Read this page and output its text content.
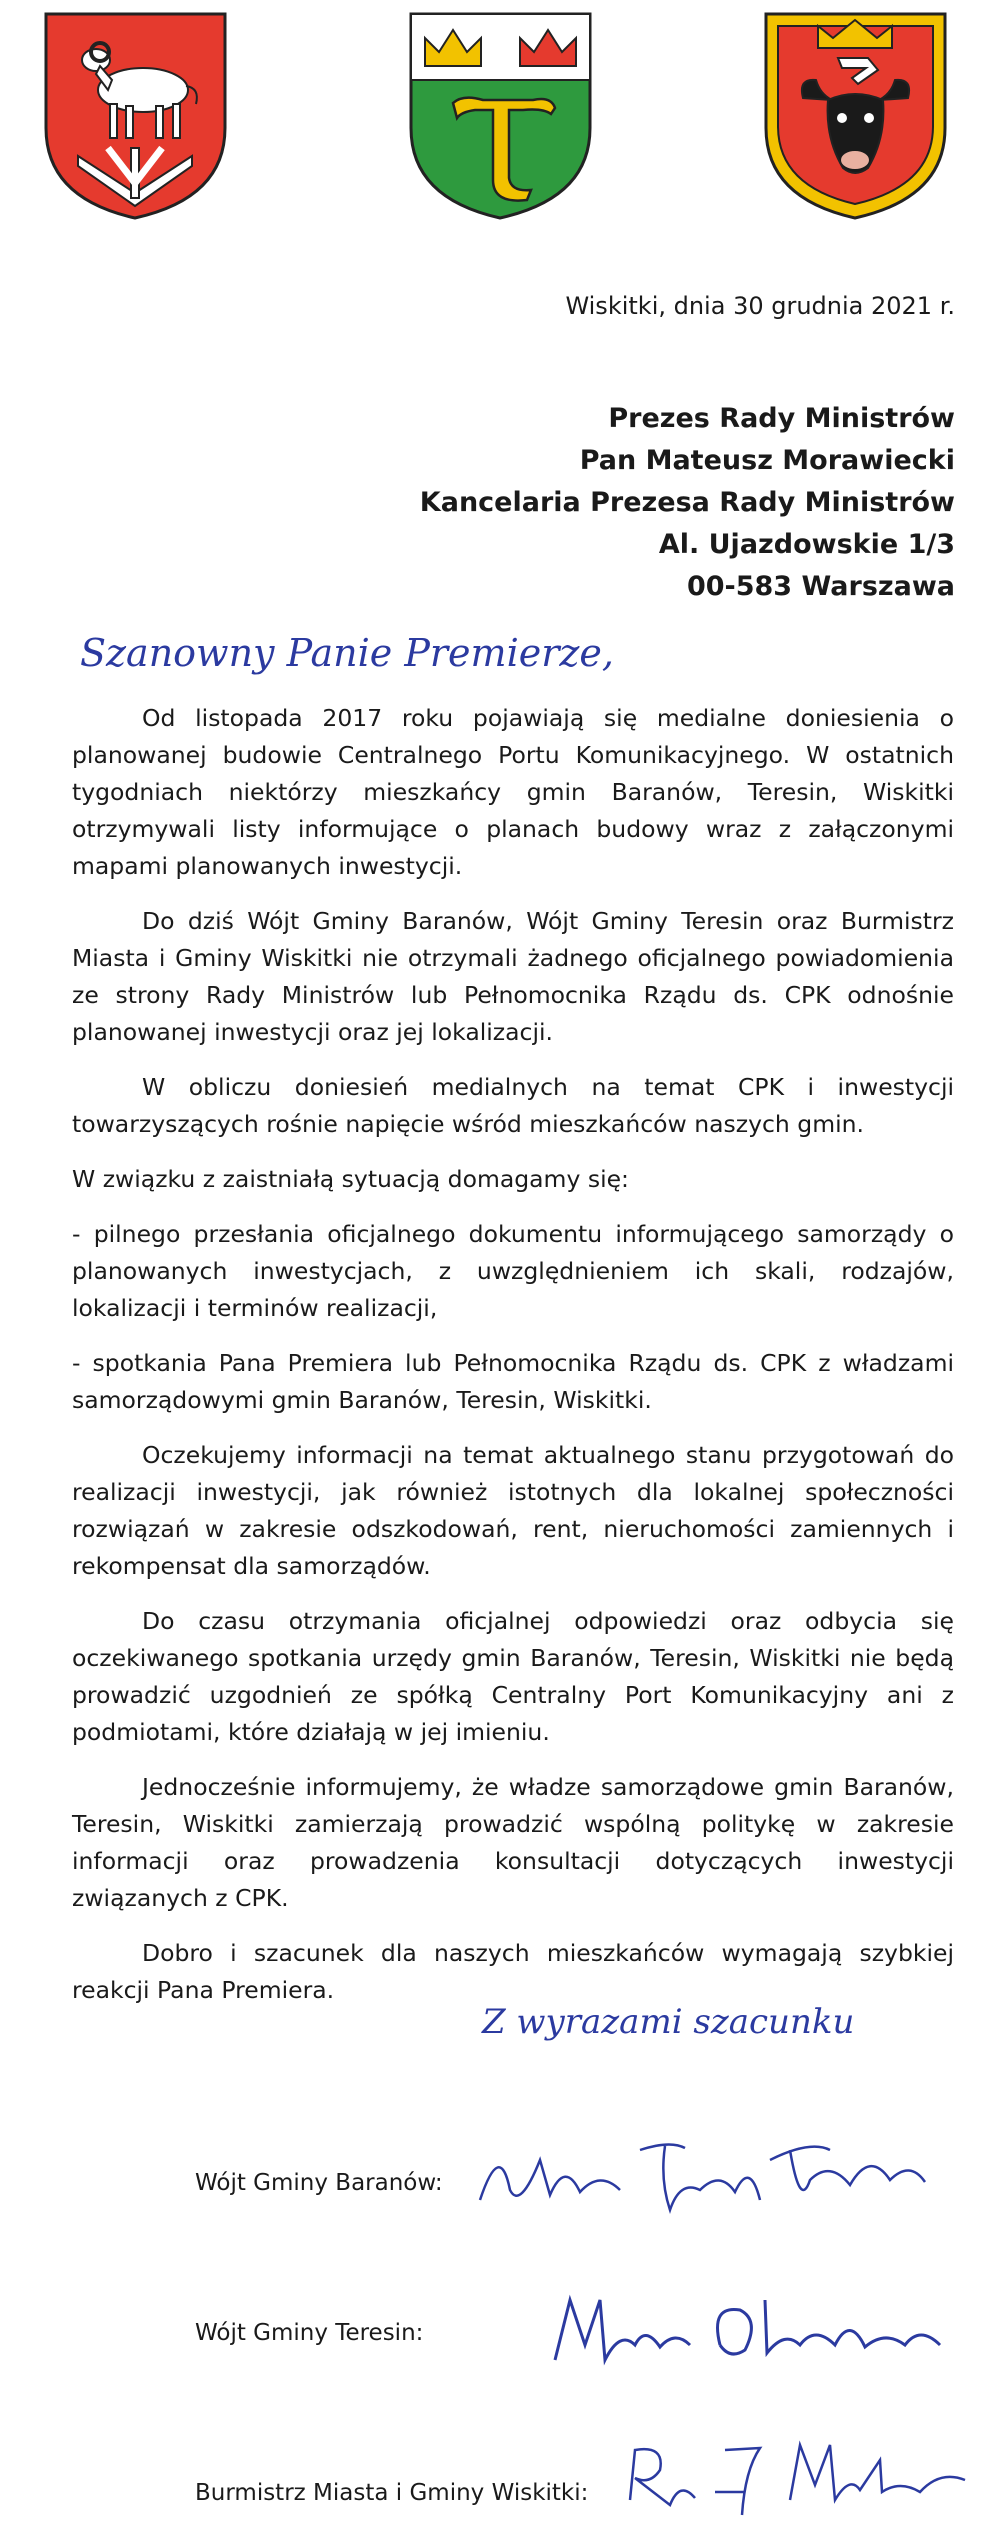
Wiskitki, dnia 30 grudnia 2021 r.
Prezes Rady Ministrów
Pan Mateusz Morawiecki
Kancelaria Prezesa Rady Ministrów
Al. Ujazdowskie 1/3
00-583 Warszawa
Szanowny Panie Premierze,

Od listopada 2017 roku pojawiają się medialne doniesienia o planowanej budowie Centralnego Portu Komunikacyjnego. W ostatnich tygodniach niektórzy mieszkańcy gmin Baranów, Teresin, Wiskitki otrzymywali listy informujące o planach budowy wraz z załączonymi mapami planowanych inwestycji.

Do dziś Wójt Gminy Baranów, Wójt Gminy Teresin oraz Burmistrz Miasta i Gminy Wiskitki nie otrzymali żadnego oficjalnego powiadomienia ze strony Rady Ministrów lub Pełnomocnika Rządu ds. CPK odnośnie planowanej inwestycji oraz jej lokalizacji.

W obliczu doniesień medialnych na temat CPK i inwestycji towarzyszących rośnie napięcie wśród mieszkańców naszych gmin.

W związku z zaistniałą sytuacją domagamy się:

- pilnego przesłania oficjalnego dokumentu informującego samorządy o planowanych inwestycjach, z uwzględnieniem ich skali, rodzajów, lokalizacji i terminów realizacji,

- spotkania Pana Premiera lub Pełnomocnika Rządu ds. CPK z władzami samorządowymi gmin Baranów, Teresin, Wiskitki.

Oczekujemy informacji na temat aktualnego stanu przygotowań do realizacji inwestycji, jak również istotnych dla lokalnej społeczności rozwiązań w zakresie odszkodowań, rent, nieruchomości zamiennych i rekompensat dla samorządów.

Do czasu otrzymania oficjalnej odpowiedzi oraz odbycia się oczekiwanego spotkania urzędy gmin Baranów, Teresin, Wiskitki nie będą prowadzić uzgodnień ze spółką Centralny Port Komunikacyjny ani z podmiotami, które działają w jej imieniu.

Jednocześnie informujemy, że władze samorządowe gmin Baranów, Teresin, Wiskitki zamierzają prowadzić wspólną politykę w zakresie informacji oraz prowadzenia konsultacji dotyczących inwestycji związanych z CPK.

Dobro i szacunek dla naszych mieszkańców wymagają szybkiej reakcji Pana Premiera.

Z wyrazami szacunku
Wójt Gminy Baranów:
Wójt Gminy Teresin:
Burmistrz Miasta i Gminy Wiskitki:
